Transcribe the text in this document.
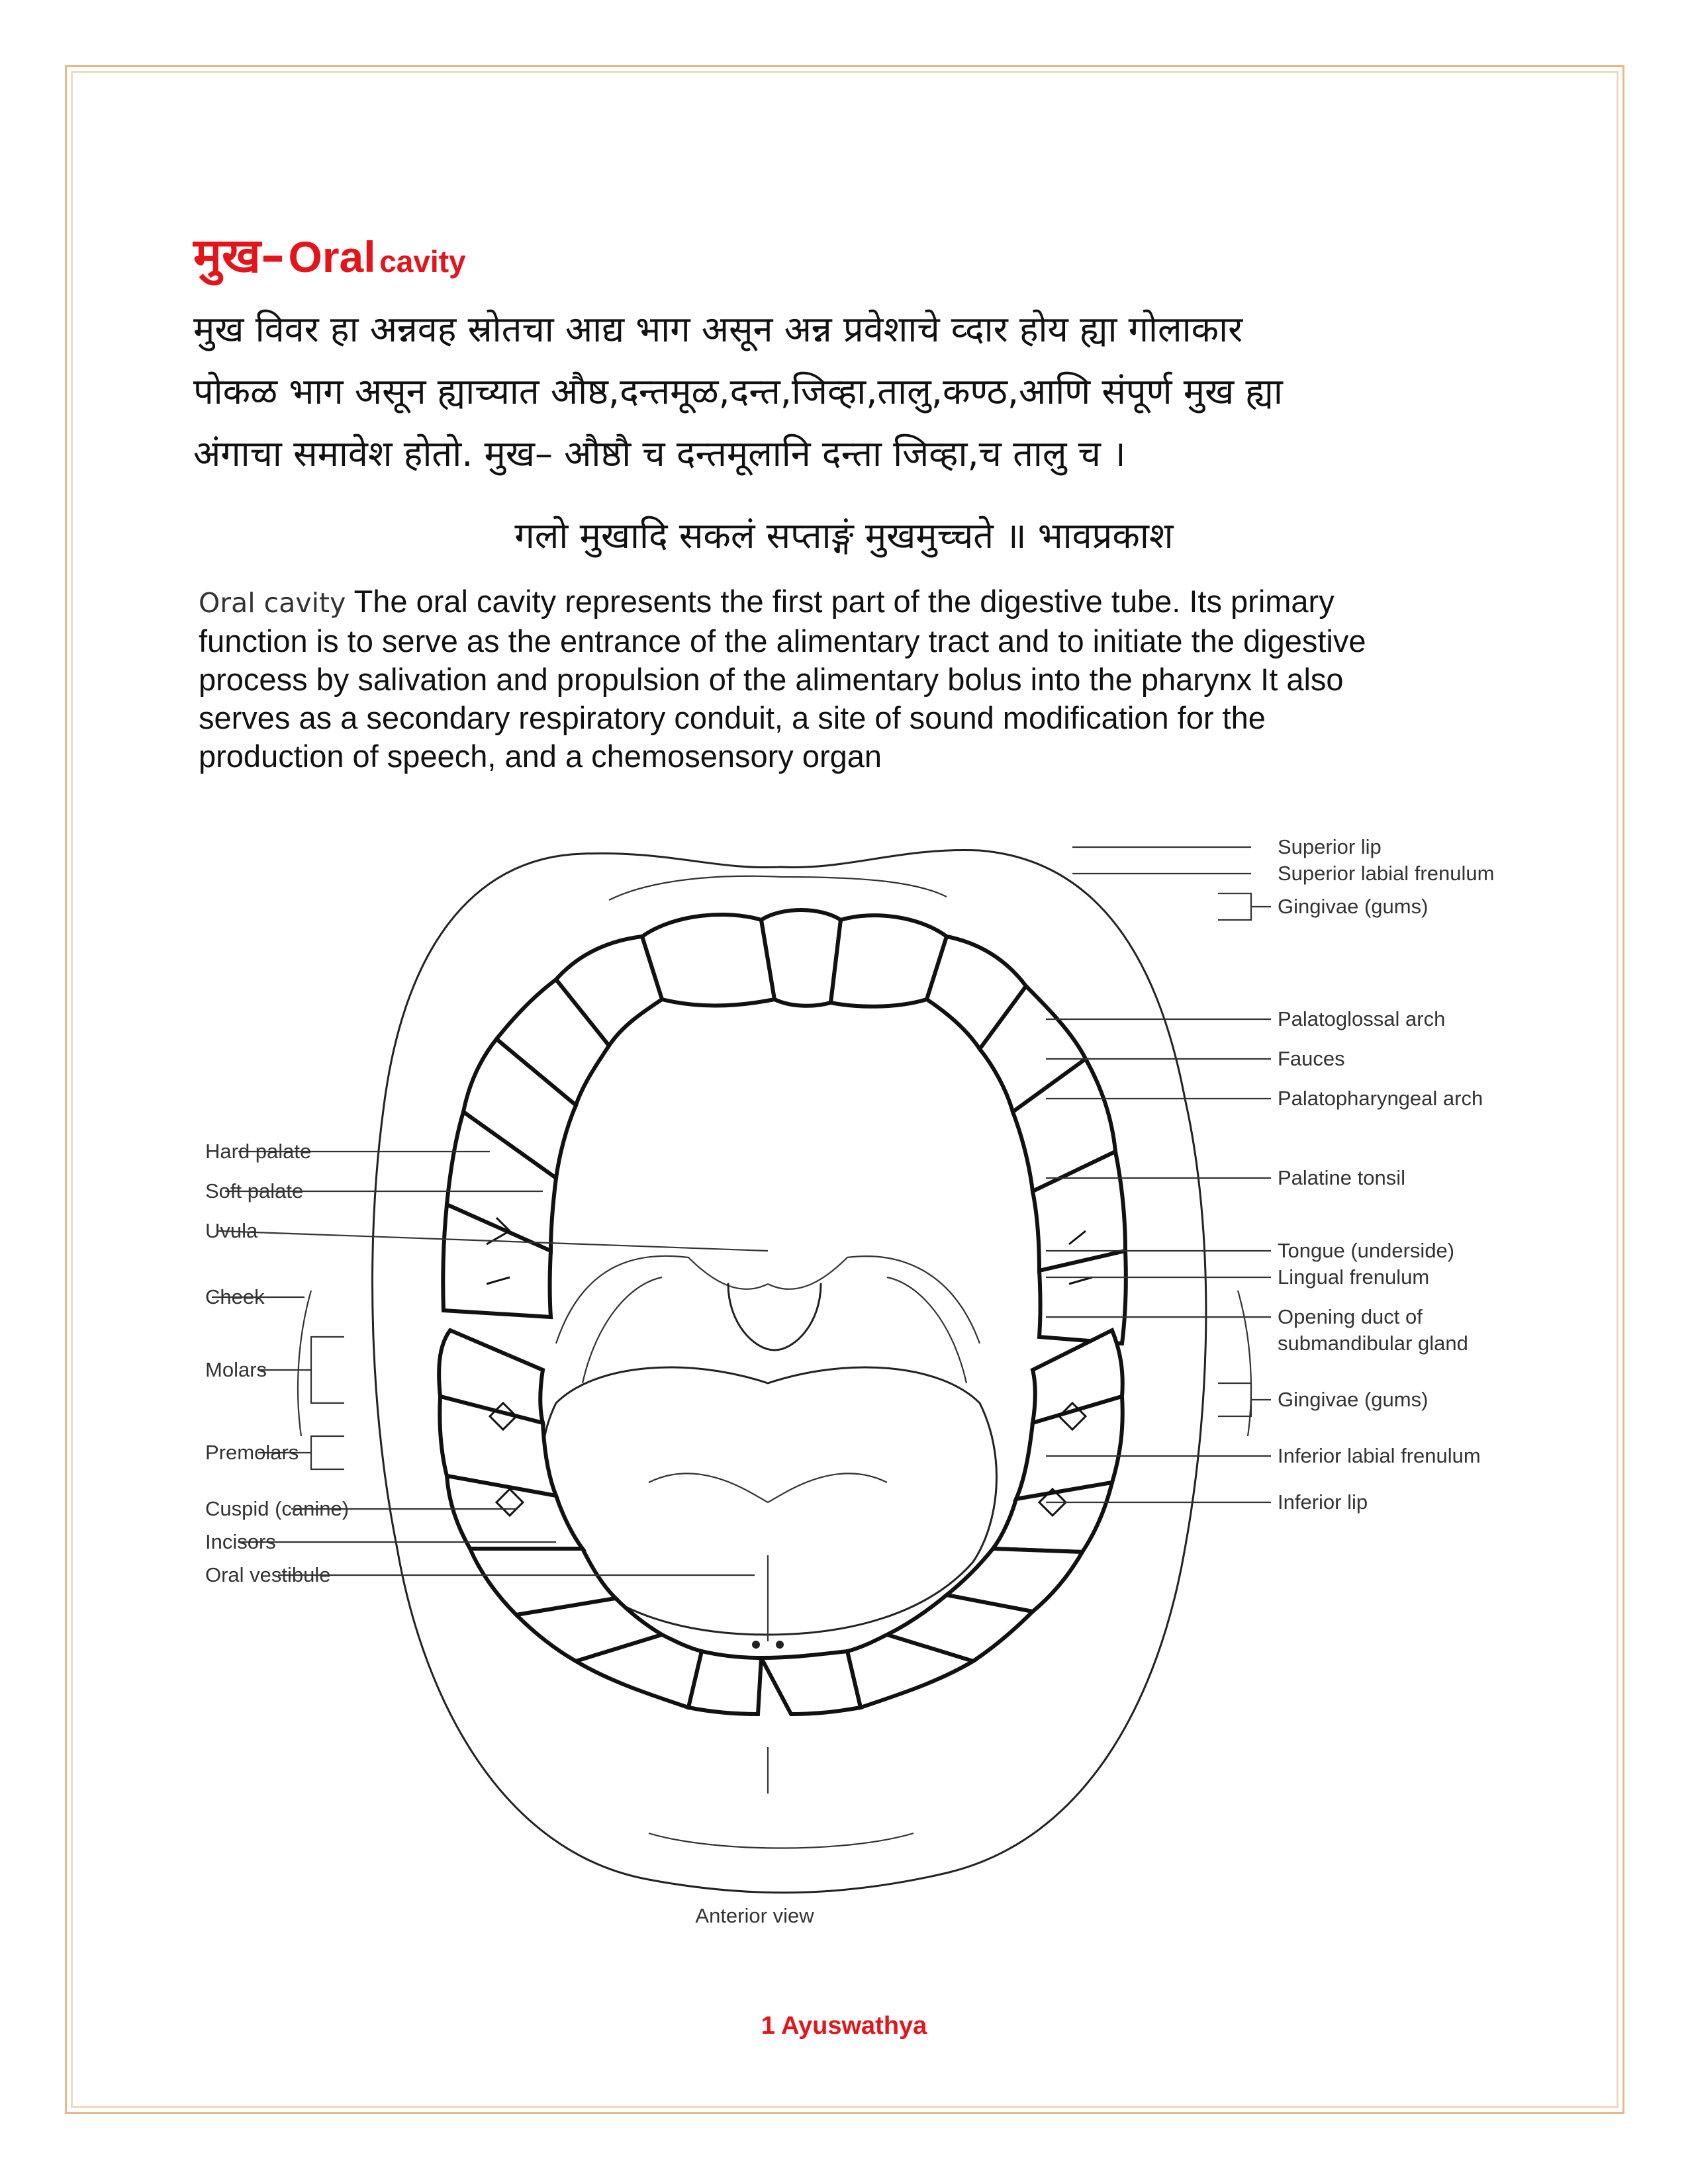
मुख– Oral cavity
मुख विवर हा अन्नवह स्रोतचा आद्य भाग असून अन्न प्रवेशाचे व्दार होय ह्या गोलाकार
पोकळ भाग असून ह्याच्यात औष्ठ,दन्तमूळ,दन्त,जिव्हा,तालु,कण्ठ,आणि संपूर्ण मुख ह्या
अंगाचा समावेश होतो. मुख– औष्ठौ च दन्तमूलानि दन्ता जिव्हा,च तालु च ।
गलो मुखादि सकलं सप्ताङ्गं मुखमुच्चते ॥ भावप्रकाश
Oral cavity The oral cavity represents the first part of the digestive tube. Its primary
function is to serve as the entrance of the alimentary tract and to initiate the digestive
process by salivation and propulsion of the alimentary bolus into the pharynx It also
serves as a secondary respiratory conduit, a site of sound modification for the
production of speech, and a chemosensory organ
Hard palate
Soft palate
Uvula
Cheek
Molars
Premolars
Cuspid (canine)
Incisors
Oral vestibule
Superior lip
Superior labial frenulum
Gingivae (gums)
Palatoglossal arch
Fauces
Palatopharyngeal arch
Palatine tonsil
Tongue (underside)
Lingual frenulum
Opening duct of
submandibular gland
Gingivae (gums)
Inferior labial frenulum
Inferior lip
Anterior view
1 Ayuswathya
